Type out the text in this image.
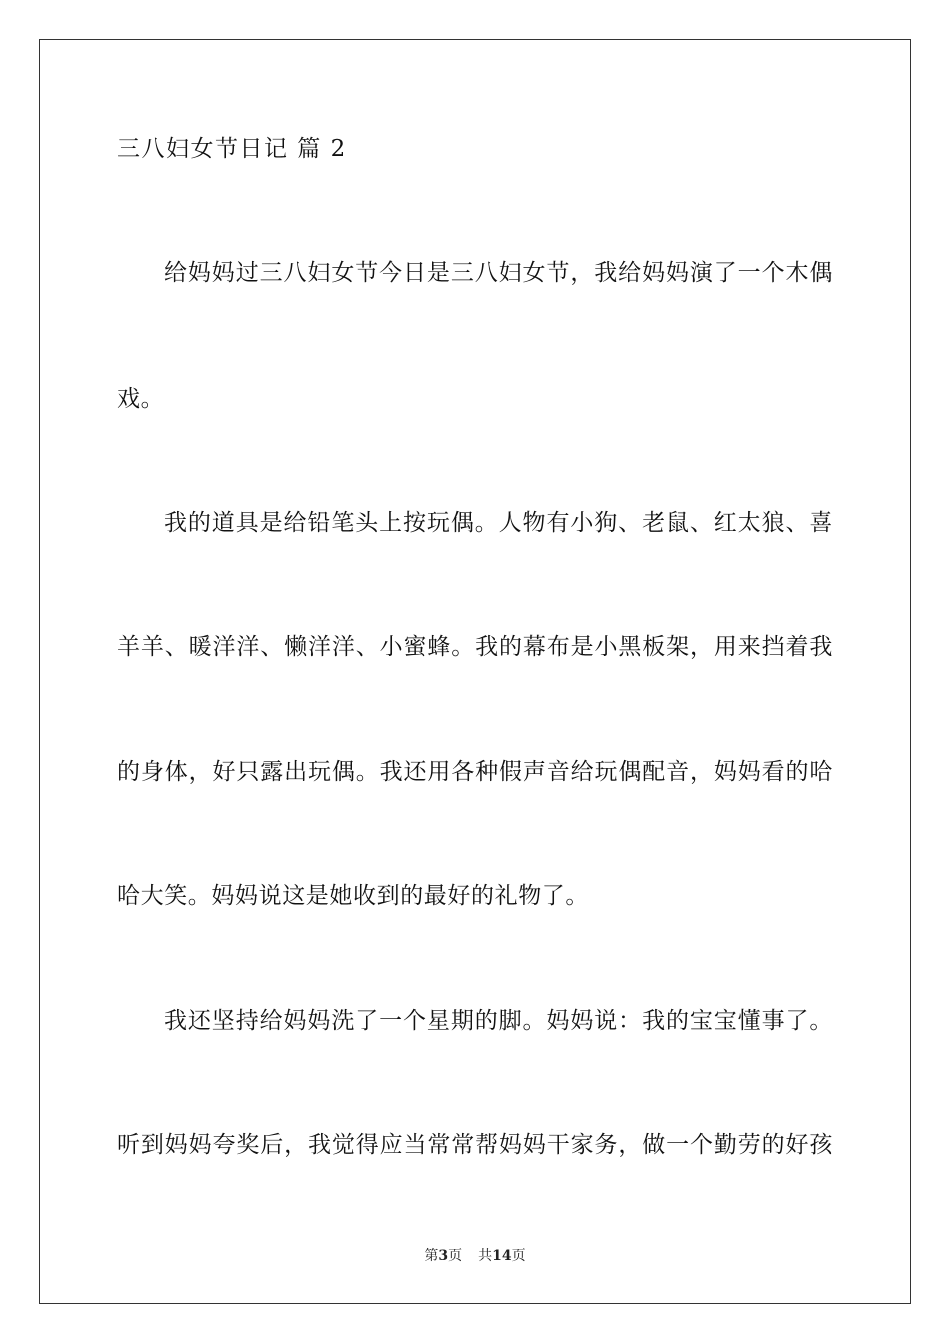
三八妇女节日记 篇 2
给妈妈过三八妇女节今日是三八妇女节，我给妈妈演了一个木偶
戏。
我的道具是给铅笔头上按玩偶。人物有小狗、老鼠、红太狼、喜
羊羊、暖洋洋、懒洋洋、小蜜蜂。我的幕布是小黑板架，用来挡着我
的身体，好只露出玩偶。我还用各种假声音给玩偶配音，妈妈看的哈
哈大笑。妈妈说这是她收到的最好的礼物了。
我还坚持给妈妈洗了一个星期的脚。妈妈说：我的宝宝懂事了。
听到妈妈夸奖后，我觉得应当常常帮妈妈干家务，做一个勤劳的好孩
第3页 共14页
